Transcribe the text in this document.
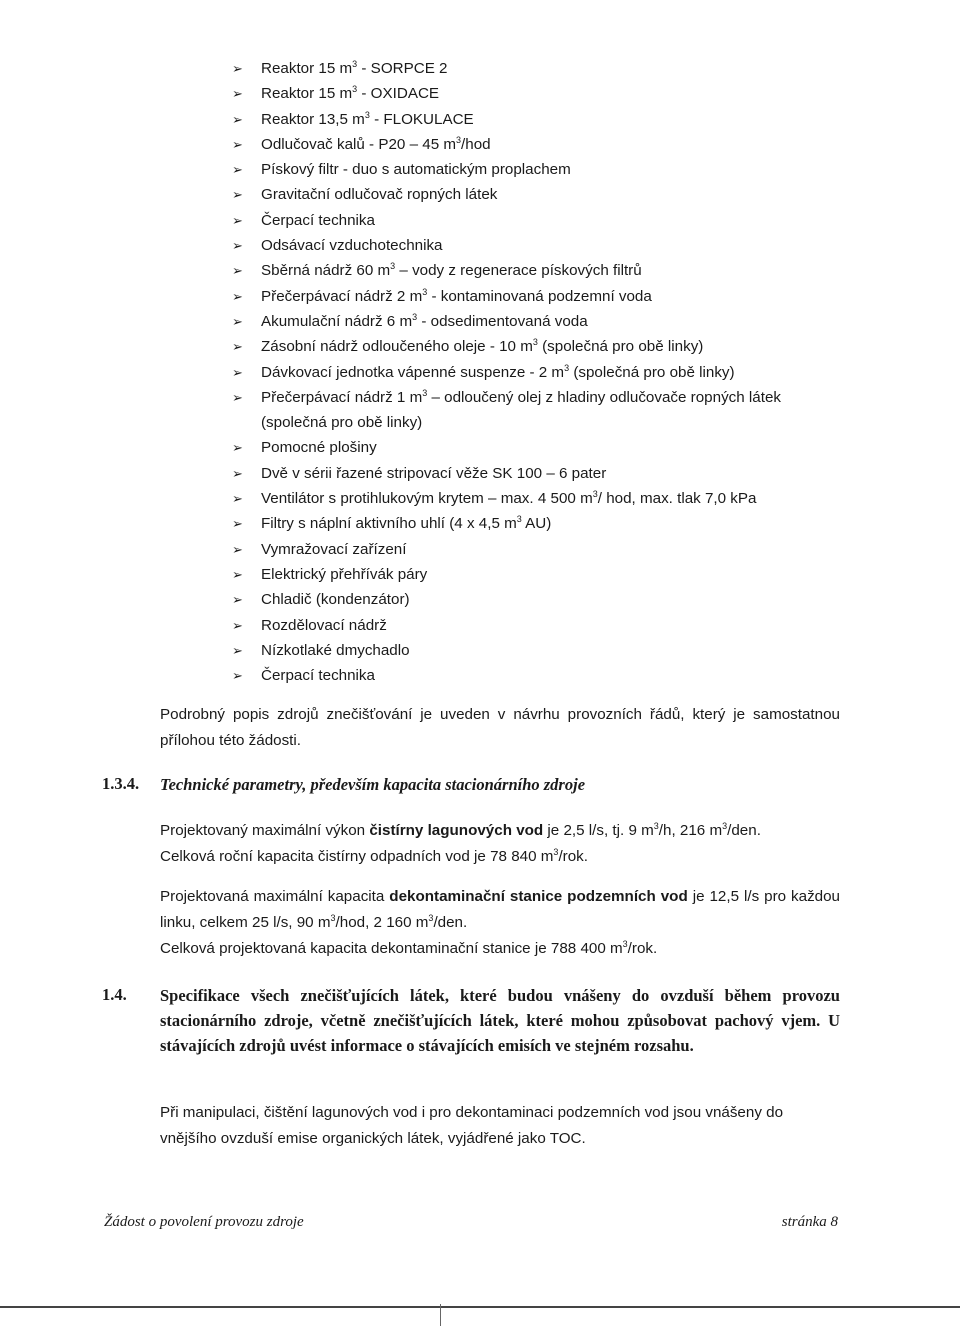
➢ Reaktor 15 $m^3$ - SORPCE 2
➢ Reaktor 15 $m^3$ - OXIDACE
➢ Reaktor 13,5 $m^3$ - FLOKULACE
➢ Odlučovač kalů - P20 – 45 $m^3$/hod
➢ Pískový filtr - duo s automatickým proplachem
➢ Gravitační odlučovač ropných látek
➢ Čerpací technika
➢ Odsávací vzduchotechnika
➢ Sběrná nádrž 60 $m^3$ – vody z regenerace pískových filtrů
➢ Přečerpávací nádrž 2 $m^3$ - kontaminovaná podzemní voda
➢ Akumulační nádrž 6 $m^3$ - odsedimentovaná voda
➢ Zásobní nádrž odloučeného oleje - 10 $m^3$ (společná pro obě linky)
➢ Dávkovací jednotka vápenné suspenze - 2 $m^3$ (společná pro obě linky)
➢ Přečerpávací nádrž 1 $m^3$ – odloučený olej z hladiny odlučovače ropných látek (společná pro obě linky)
➢ Pomocné plošiny
➢ Dvě v sérii řazené stripovací věže SK 100 – 6 pater
➢ Ventilátor s protihlukovým krytem – max. 4 500 $m^3/$ hod, max. tlak 7,0 kPa
➢ Filtry s náplní aktivního uhlí (4 x 4,5 $m^3$ AU)
➢ Vymražovací zařízení
➢ Elektrický přehřívák páry
➢ Chladič (kondenzátor)
➢ Rozdělovací nádrž
➢ Nízkotlaké dmychadlo
➢ Čerpací technika

Podrobný popis zdrojů znečišťování je uveden v návrhu provozních řádů, který je samostatnou přílohou této žádosti.

1.3.4. Technické parametry, především kapacita stacionárního zdroje

Projektovaný maximální výkon čistírny lagunových vod je 2,5 l/s, tj. 9 $m^3/h$, 216 $m^3$/den.
Celková roční kapacita čistírny odpadních vod je 78 840 $m^3$/rok.

Projektovaná maximální kapacita dekontaminační stanice podzemních vod je 12,5 l/s pro každou linku, celkem 25 l/s, 90 $m^3$/hod, 2 160 $m^3$/den.
Celková projektovaná kapacita dekontaminační stanice je 788 400 $m^3$/rok.

1.4. Specifikace všech znečišťujících látek, které budou vnášeny do ovzduší během provozu stacionárního zdroje, včetně znečišťujících látek, které mohou způsobovat pachový vjem. U stávajících zdrojů uvést informace o stávajících emisích ve stejném rozsahu.

Při manipulaci, čištění lagunových vod i pro dekontaminaci podzemních vod jsou vnášeny do vnějšího ovzduší emise organických látek, vyjádřené jako TOC.

Žádost o povolení provozu zdroje	stránka 8
